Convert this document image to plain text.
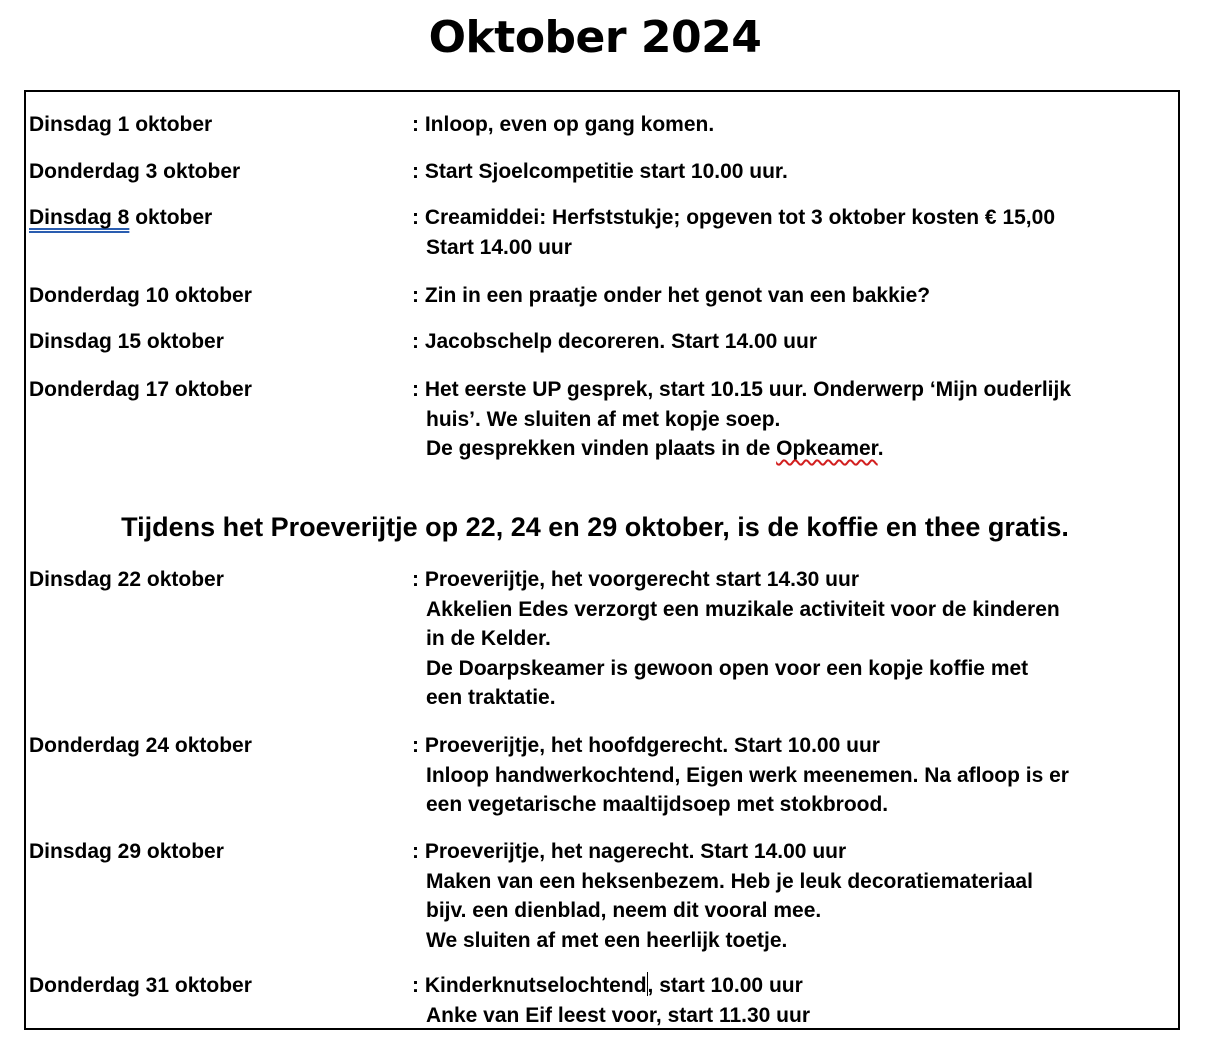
Oktober 2024
Dinsdag 1 oktober	: Inloop, even op gang komen.
Donderdag 3 oktober	: Start Sjoelcompetitie start 10.00 uur.
Dinsdag 8 oktober	: Creamiddei: Herfststukje; opgeven tot 3 oktober kosten € 15,00
Start 14.00 uur
Donderdag 10 oktober	: Zin in een praatje onder het genot van een bakkie?
Dinsdag 15 oktober	: Jacobschelp decoreren. Start 14.00 uur
Donderdag 17 oktober	: Het eerste UP gesprek, start 10.15 uur. Onderwerp ‘Mijn ouderlijk
huis’. We sluiten af met kopje soep.
De gesprekken vinden plaats in de Opkeamer.
Tijdens het Proeverijtje op 22, 24 en 29 oktober, is de koffie en thee gratis.
Dinsdag 22 oktober	: Proeverijtje, het voorgerecht start 14.30 uur
Akkelien Edes verzorgt een muzikale activiteit voor de kinderen
in de Kelder.
De Doarpskeamer is gewoon open voor een kopje koffie met
een traktatie.
Donderdag 24 oktober	: Proeverijtje, het hoofdgerecht. Start 10.00 uur
Inloop handwerkochtend, Eigen werk meenemen. Na afloop is er
een vegetarische maaltijdsoep met stokbrood.
Dinsdag 29 oktober	: Proeverijtje, het nagerecht. Start 14.00 uur
Maken van een heksenbezem. Heb je leuk decoratiemateriaal
bijv. een dienblad, neem dit vooral mee.
We sluiten af met een heerlijk toetje.
Donderdag 31 oktober	: Kinderknutselochtend, start 10.00 uur
Anke van Eif leest voor, start 11.30 uur
